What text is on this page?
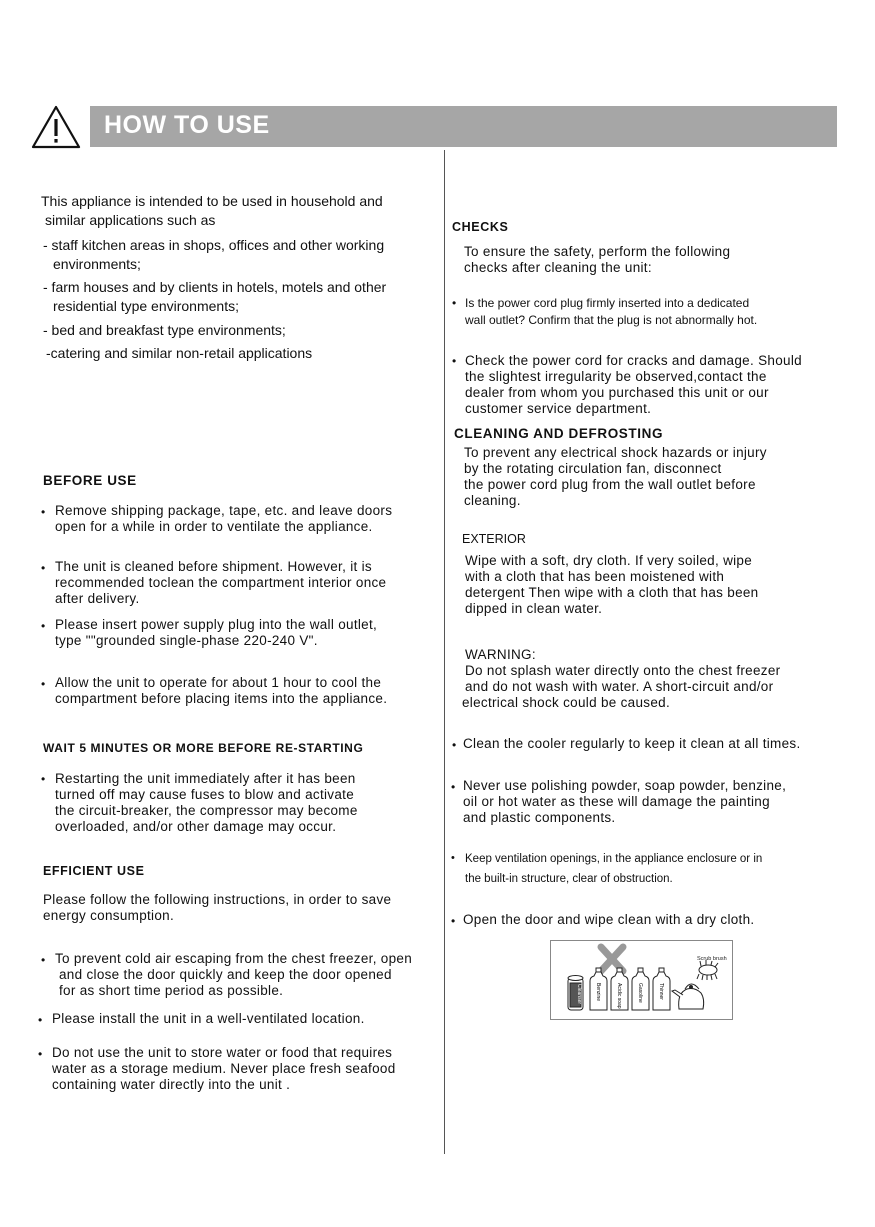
HOW TO USE
This appliance is intended to be used in household and
similar applications such as
- staff kitchen areas in shops, offices and other working
environments;
- farm houses and by clients in hotels, motels and other
residential type environments;
- bed and breakfast type environments;
-catering and similar non-retail applications
BEFORE USE
• Remove shipping package, tape, etc. and leave doors
open for a while in order to ventilate the appliance.
• The unit is cleaned before shipment. However, it is
recommended toclean the compartment interior once
after delivery.
• Please insert power supply plug into the wall outlet,
type ""grounded single-phase 220-240 V".
• Allow the unit to operate for about 1 hour to cool the
compartment before placing items into the appliance.
WAIT 5 MINUTES OR MORE BEFORE RE-STARTING
• Restarting the unit immediately after it has been
turned off may cause fuses to blow and activate
the circuit-breaker, the compressor may become
overloaded, and/or other damage may occur.
EFFICIENT USE
Please follow the following instructions, in order to save
energy consumption.
• To prevent cold air escaping from the chest freezer, open
and close the door quickly and keep the door opened
for as short time period as possible.
• Please install the unit in a well-ventilated location.
• Do not use the unit to store water or food that requires
water as a storage medium. Never place fresh seafood
containing water directly into the unit .
CHECKS
To ensure the safety, perform the following
checks after cleaning the unit:
• Is the power cord plug firmly inserted into a dedicated
wall outlet? Confirm that the plug is not abnormally hot.
• Check the power cord for cracks and damage. Should
the slightest irregularity be observed,contact the
dealer from whom you purchased this unit or our
customer service department.
CLEANING AND DEFROSTING
To prevent any electrical shock hazards or injury
by the rotating circulation fan, disconnect
the power cord plug from the wall outlet before
cleaning.
EXTERIOR
Wipe with a soft, dry cloth. If very soiled, wipe
with a cloth that has been moistened with
detergent Then wipe with a cloth that has been
dipped in clean water.
WARNING:
Do not splash water directly onto the chest freezer
and do not wash with water. A short-circuit and/or
electrical shock could be caused.
• Clean the cooler regularly to keep it clean at all times.
• Never use polishing powder, soap powder, benzine,
oil or hot water as these will damage the painting
and plastic components.
• Keep ventilation openings, in the appliance enclosure or in
the built-in structure, clear of obstruction.
• Open the door and wipe clean with a dry cloth.
Scrub brush
Cleanser	Benzine	Acidic soap	Gasoline	Thinner
